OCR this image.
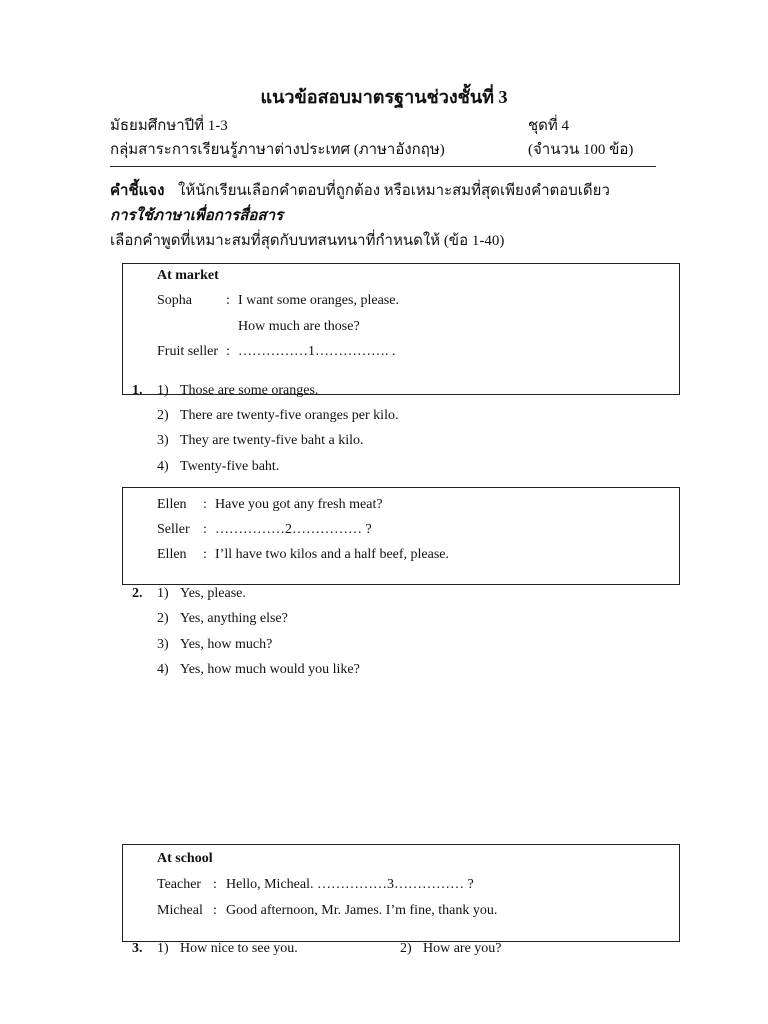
แนวข้อสอบมาตรฐานช่วงชั้นที่ 3
มัธยมศึกษาปีที่ 1-3	ชุดที่ 4
กลุ่มสาระการเรียนรู้ภาษาต่างประเทศ (ภาษาอังกฤษ)	(จำนวน 100 ข้อ)
คำชี้แจง ให้นักเรียนเลือกคำตอบที่ถูกต้อง หรือเหมาะสมที่สุดเพียงคำตอบเดียว
การใช้ภาษาเพื่อการสื่อสาร
เลือกคำพูดที่เหมาะสมที่สุดกับบทสนทนาที่กำหนดให้ (ข้อ 1-40)
At market
Sopha : I want some oranges, please.
How much are those?
Fruit seller : ……………1……………. .
1. 1) Those are some oranges.
2) There are twenty-five oranges per kilo.
3) They are twenty-five baht a kilo.
4) Twenty-five baht.
Ellen : Have you got any fresh meat?
Seller : ……………2…………… ?
Ellen : I’ll have two kilos and a half beef, please.
2. 1) Yes, please.
2) Yes, anything else?
3) Yes, how much?
4) Yes, how much would you like?
At school
Teacher : Hello, Micheal. ……………3…………… ?
Micheal : Good afternoon, Mr. James. I’m fine, thank you.
3. 1) How nice to see you.	2) How are you?
